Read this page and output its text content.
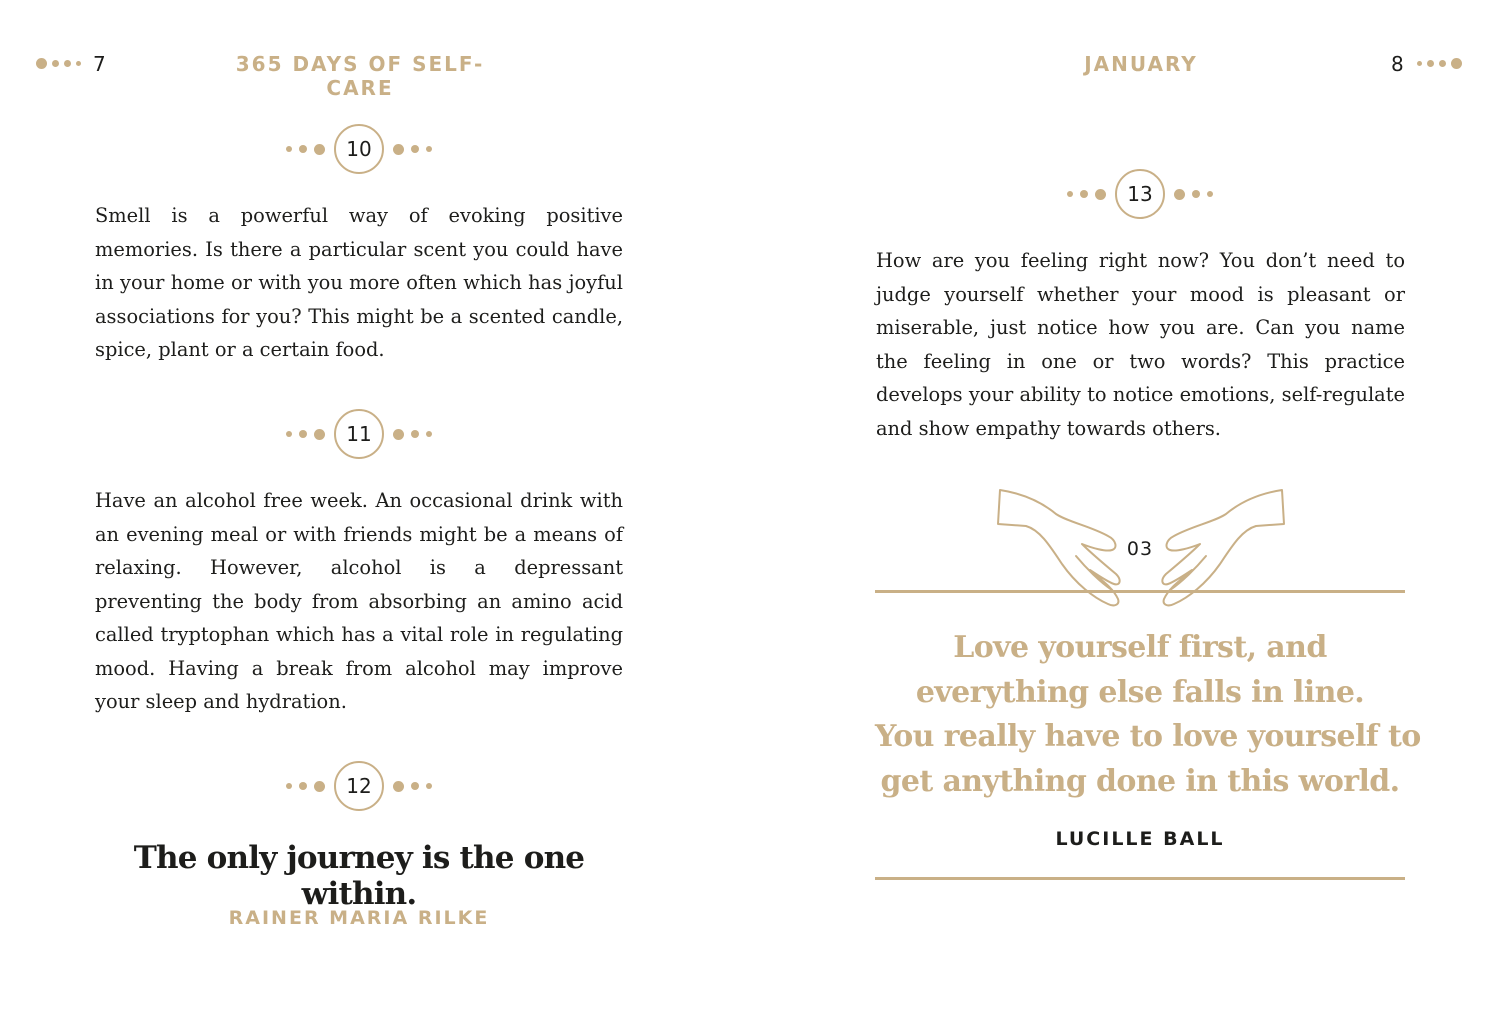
7	365 DAYS OF SELF-CARE
10

Smell is a powerful way of evoking positive memories. Is there a particular scent you could have in your home or with you more often which has joyful associations for you? This might be a scented candle, spice, plant or a certain food.

11

Have an alcohol free week. An occasional drink with an evening meal or with friends might be a means of relaxing. However, alcohol is a depressant preventing the body from absorbing an amino acid called tryptophan which has a vital role in regulating mood. Having a break from alcohol may improve your sleep and hydration.

12
The only journey is the one within.
RAINER MARIA RILKE
JANUARY	8
13

How are you feeling right now? You don’t need to judge yourself whether your mood is pleasant or miserable, just notice how you are. Can you name the feeling in one or two words? This practice develops your ability to notice emotions, self-regulate and show empathy towards others.

03
Love yourself first, and
everything else falls in line.
You really have to love yourself to
get anything done in this world.
LUCILLE BALL
